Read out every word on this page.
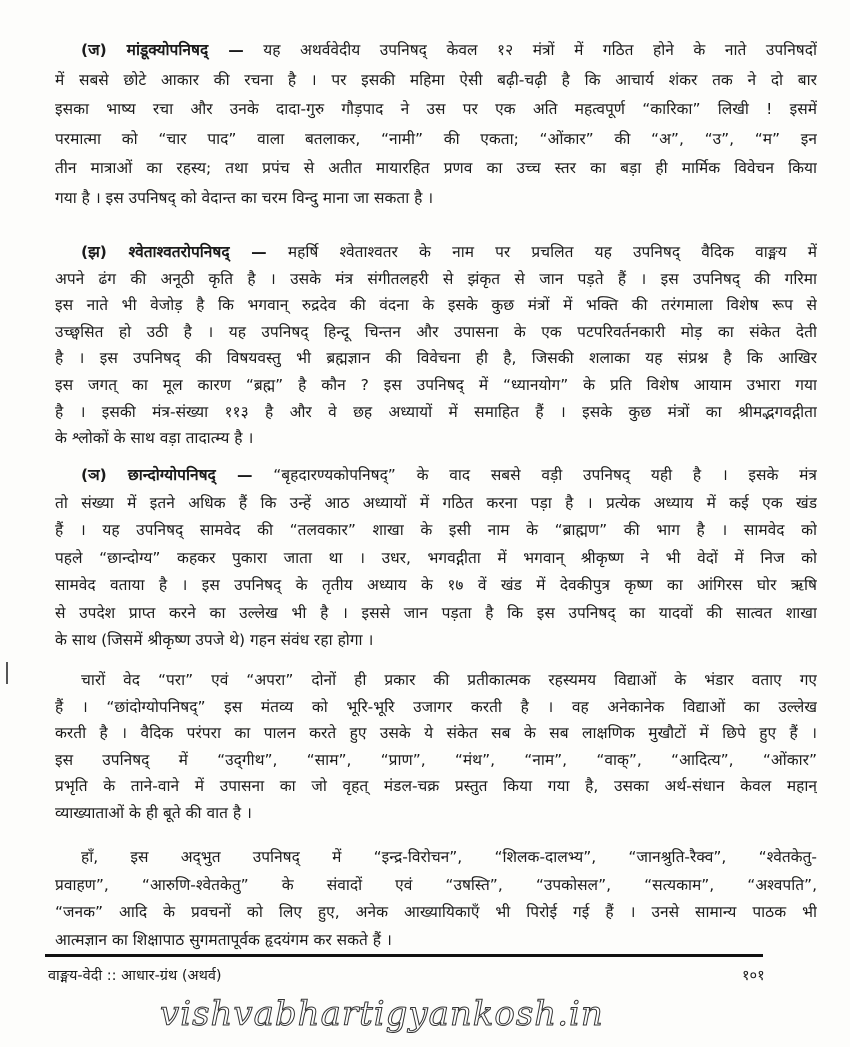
(ज) मांडूक्योपनिषद् — यह अथर्ववेदीय उपनिषद् केवल १२ मंत्रों में गठित होने के नाते उपनिषदों
में सबसे छोटे आकार की रचना है । पर इसकी महिमा ऐसी बढ़ी-चढ़ी है कि आचार्य शंकर तक ने दो बार
इसका भाष्य रचा और उनके दादा-गुरु गौड़पाद ने उस पर एक अति महत्वपूर्ण “कारिका” लिखी ! इसमें
परमात्मा को “चार पाद” वाला बतलाकर, “नामी” की एकता; “ओंकार” की “अ”, “उ”, “म” इन
तीन मात्राओं का रहस्य; तथा प्रपंच से अतीत मायारहित प्रणव का उच्च स्तर का बड़ा ही मार्मिक विवेचन किया
गया है । इस उपनिषद् को वेदान्त का चरम विन्दु माना जा सकता है ।
(झ) श्वेताश्वतरोपनिषद् — महर्षि श्वेताश्वतर के नाम पर प्रचलित यह उपनिषद् वैदिक वाङ्मय में
अपने ढंग की अनूठी कृति है । उसके मंत्र संगीतलहरी से झंकृत से जान पड़ते हैं । इस उपनिषद् की गरिमा
इस नाते भी वेजोड़ है कि भगवान् रुद्रदेव की वंदना के इसके कुछ मंत्रों में भक्ति की तरंगमाला विशेष रूप से
उच्छ्वसित हो उठी है । यह उपनिषद् हिन्दू चिन्तन और उपासना के एक पटपरिवर्तनकारी मोड़ का संकेत देती
है । इस उपनिषद् की विषयवस्तु भी ब्रह्मज्ञान की विवेचना ही है, जिसकी शलाका यह संप्रश्न है कि आखिर
इस जगत् का मूल कारण “ब्रह्म” है कौन ? इस उपनिषद् में “ध्यानयोग” के प्रति विशेष आयाम उभारा गया
है । इसकी मंत्र-संख्या ११३ है और वे छह अध्यायों में समाहित हैं । इसके कुछ मंत्रों का श्रीमद्भगवद्गीता
के श्लोकों के साथ वड़ा तादात्म्य है ।
(ञ) छान्दोग्योपनिषद् — “बृहदारण्यकोपनिषद्” के वाद सबसे वड़ी उपनिषद् यही है । इसके मंत्र
तो संख्या में इतने अधिक हैं कि उन्हें आठ अध्यायों में गठित करना पड़ा है । प्रत्येक अध्याय में कई एक खंड
हैं । यह उपनिषद् सामवेद की “तलवकार” शाखा के इसी नाम के “ब्राह्मण” की भाग है । सामवेद को
पहले “छान्दोग्य” कहकर पुकारा जाता था । उधर, भगवद्गीता में भगवान् श्रीकृष्ण ने भी वेदों में निज को
सामवेद वताया है । इस उपनिषद् के तृतीय अध्याय के १७ वें खंड में देवकीपुत्र कृष्ण का आंगिरस घोर ऋषि
से उपदेश प्राप्त करने का उल्लेख भी है । इससे जान पड़ता है कि इस उपनिषद् का यादवों की सात्वत शाखा
के साथ (जिसमें श्रीकृष्ण उपजे थे) गहन संवंध रहा होगा ।
चारों वेद “परा” एवं “अपरा” दोनों ही प्रकार की प्रतीकात्मक रहस्यमय विद्याओं के भंडार वताए गए
हैं । “छांदोग्योपनिषद्” इस मंतव्य को भूरि-भूरि उजागर करती है । वह अनेकानेक विद्याओं का उल्लेख
करती है । वैदिक परंपरा का पालन करते हुए उसके ये संकेत सब के सब लाक्षणिक मुखौटों में छिपे हुए हैं ।
इस उपनिषद् में “उद्‌गीथ”, “साम”, “प्राण”, “मंथ”, “नाम”, “वाक्”, “आदित्य”, “ओंकार”
प्रभृति के ताने-वाने में उपासना का जो वृहत् मंडल-चक्र प्रस्तुत किया गया है, उसका अर्थ-संधान केवल महान्
व्याख्याताओं के ही बूते की वात है ।
हाँ, इस अद्‌भुत उपनिषद् में “इन्द्र-विरोचन”, “शिलक-दालभ्य”, “जानश्रुति-रैक्व”, “श्वेतकेतु-
प्रवाहण”, “आरुणि-श्वेतकेतु” के संवादों एवं “उषस्ति”, “उपकोसल”, “सत्यकाम”, “अश्वपति”,
“जनक” आदि के प्रवचनों को लिए हुए, अनेक आख्यायिकाएँ भी पिरोई गई हैं । उनसे सामान्य पाठक भी
आत्मज्ञान का शिक्षापाठ सुगमतापूर्वक हृदयंगम कर सकते हैं ।
वाङ्मय-वेदी :: आधार-ग्रंथ (अथर्व)	१०१
vishvabhartigyankosh.in
